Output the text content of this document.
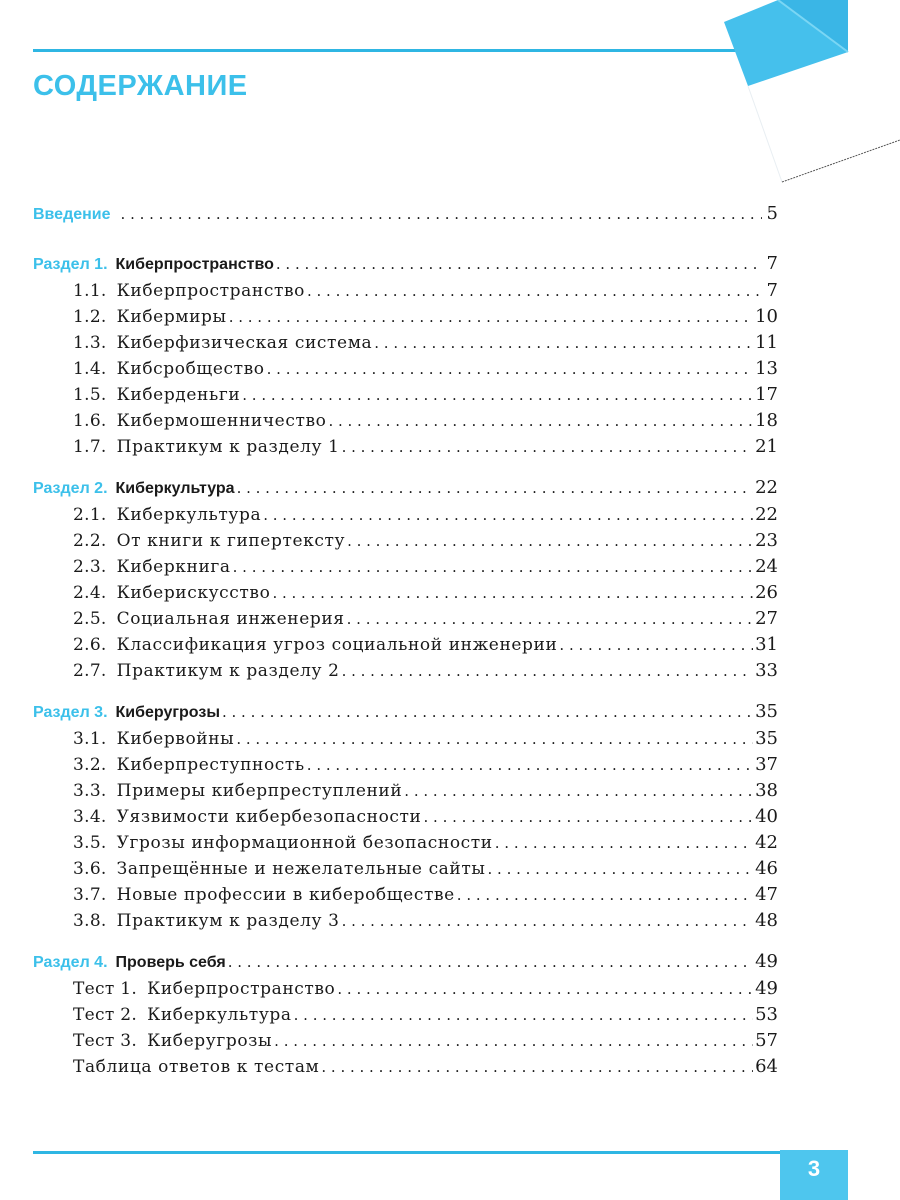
СОДЕРЖАНИЕ
Введение . . .	5
Раздел 1. Киберпространство . . .	7
1.1. Киберпространство . . .	7
1.2. Кибермиры . . .	10
1.3. Киберфизическая система . . .	11
1.4. Кибсробщество . . .	13
1.5. Киберденьги . . .	17
1.6. Кибермошенничество . . .	18
1.7. Практикум к разделу 1 . . .	21
Раздел 2. Киберкультура . . .	22
2.1. Киберкультура . . .	22
2.2. От книги к гипертексту . . .	23
2.3. Киберкнига . . .	24
2.4. Кибериcкусство . . .	26
2.5. Социальная инженерия . . .	27
2.6. Классификация угроз социальной инженерии . . .	31
2.7. Практикум к разделу 2 . . .	33
Раздел 3. Киберугрозы . . .	35
3.1. Кибервойны . . .	35
3.2. Киберпреступность . . .	37
3.3. Примеры киберпреступлений . . .	38
3.4. Уязвимости кибербезопасности . . .	40
3.5. Угрозы информационной безопасности . . .	42
3.6. Запрещённые и нежелательные сайты . . .	46
3.7. Новые профессии в киберобществе . . .	47
3.8. Практикум к разделу 3 . . .	48
Раздел 4. Проверь себя . . .	49
Тест 1. Киберпространство . . .	49
Тест 2. Киберкультура . . .	53
Тест 3. Киберугрозы . . .	57
Таблица ответов к тестам . . .	64
3
